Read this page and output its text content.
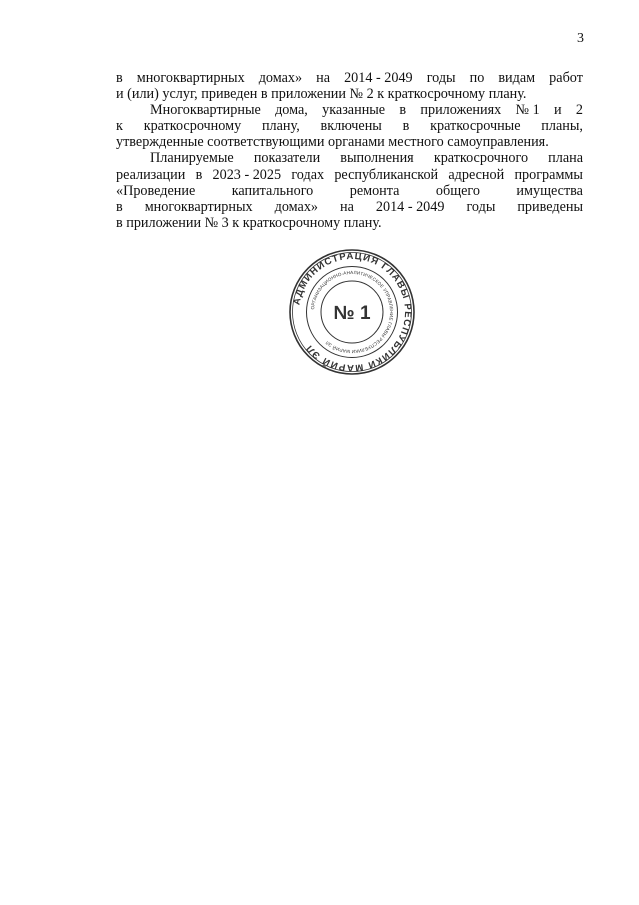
3
в многоквартирных домах» на 2014 - 2049 годы по видам работ
и (или) услуг, приведен в приложении № 2 к краткосрочному плану.
Многоквартирные дома, указанные в приложениях № 1 и 2
к краткосрочному плану, включены в краткосрочные планы,
утвержденные соответствующими органами местного самоуправления.
Планируемые показатели выполнения краткосрочного плана
реализации в 2023 - 2025 годах республиканской адресной программы
«Проведение	капитального	ремонта	общего	имущества
в многоквартирных домах» на 2014 - 2049 годы приведены
в приложении № 3 к краткосрочному плану.
АДМИНИСТРАЦИЯ ГЛАВЫ РЕСПУБЛИКИ МАРИЙ ЭЛ
ОРГАНИЗАЦИОННО-АНАЛИТИЧЕСКОЕ УПРАВЛЕНИЕ ГЛАВЫ РЕСПУБЛИКИ МАРИЙ ЭЛ
№ 1
